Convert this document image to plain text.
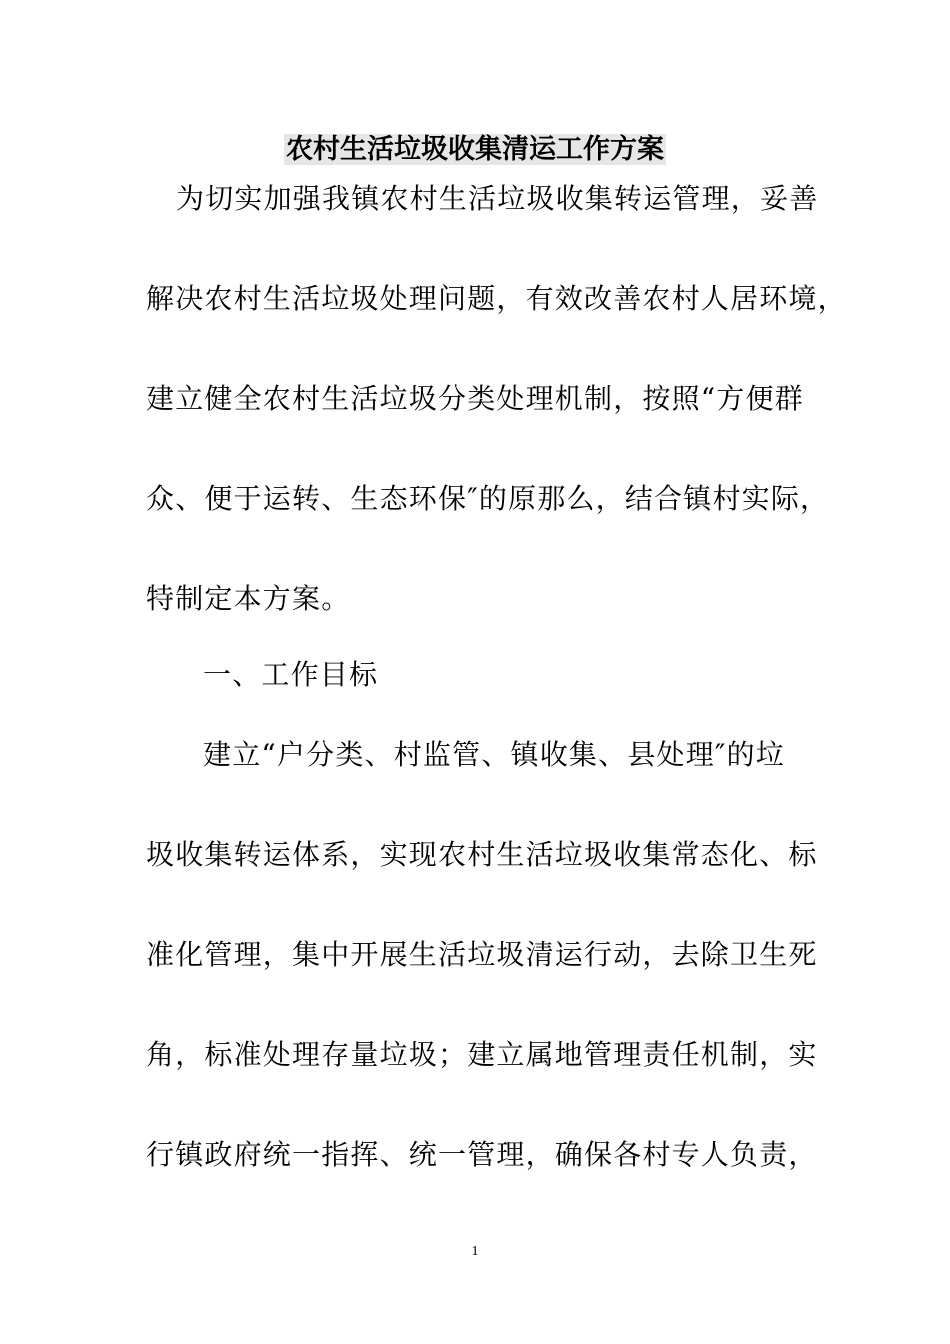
农村生活垃圾收集清运工作方案
为切实加强我镇农村生活垃圾收集转运管理，妥善
解决农村生活垃圾处理问题，有效改善农村人居环境，
建立健全农村生活垃圾分类处理机制，按照“方便群
众、便于运转、生态环保″的原那么，结合镇村实际，
特制定本方案。
一、工作目标
建立“户分类、村监管、镇收集、县处理″的垃
圾收集转运体系，实现农村生活垃圾收集常态化、标
准化管理，集中开展生活垃圾清运行动，去除卫生死
角，标准处理存量垃圾；建立属地管理责任机制，实
行镇政府统一指挥、统一管理，确保各村专人负责，
1
